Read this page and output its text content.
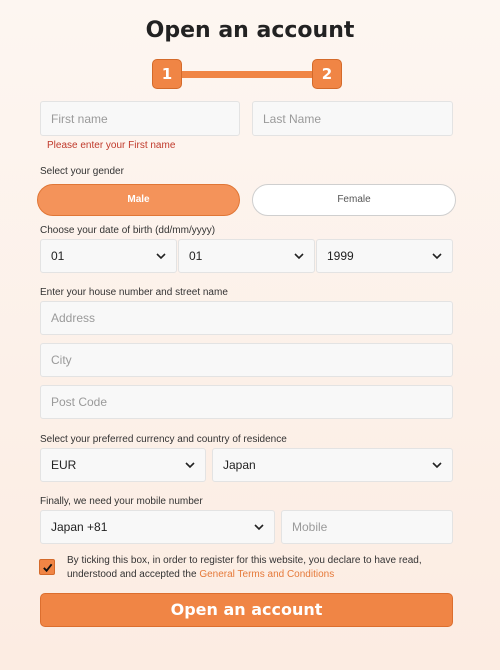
Open an account
1	2
First name
Last Name
Please enter your First name
Select your gender
Male	Female
Choose your date of birth (dd/mm/yyyy)
01	01	1999
Enter your house number and street name
Address
City
Post Code
Select your preferred currency and country of residence
EUR	Japan
Finally, we need your mobile number
Japan +81
Mobile
By ticking this box, in order to register for this website, you declare to have read, understood and accepted the General Terms and Conditions
Open an account
